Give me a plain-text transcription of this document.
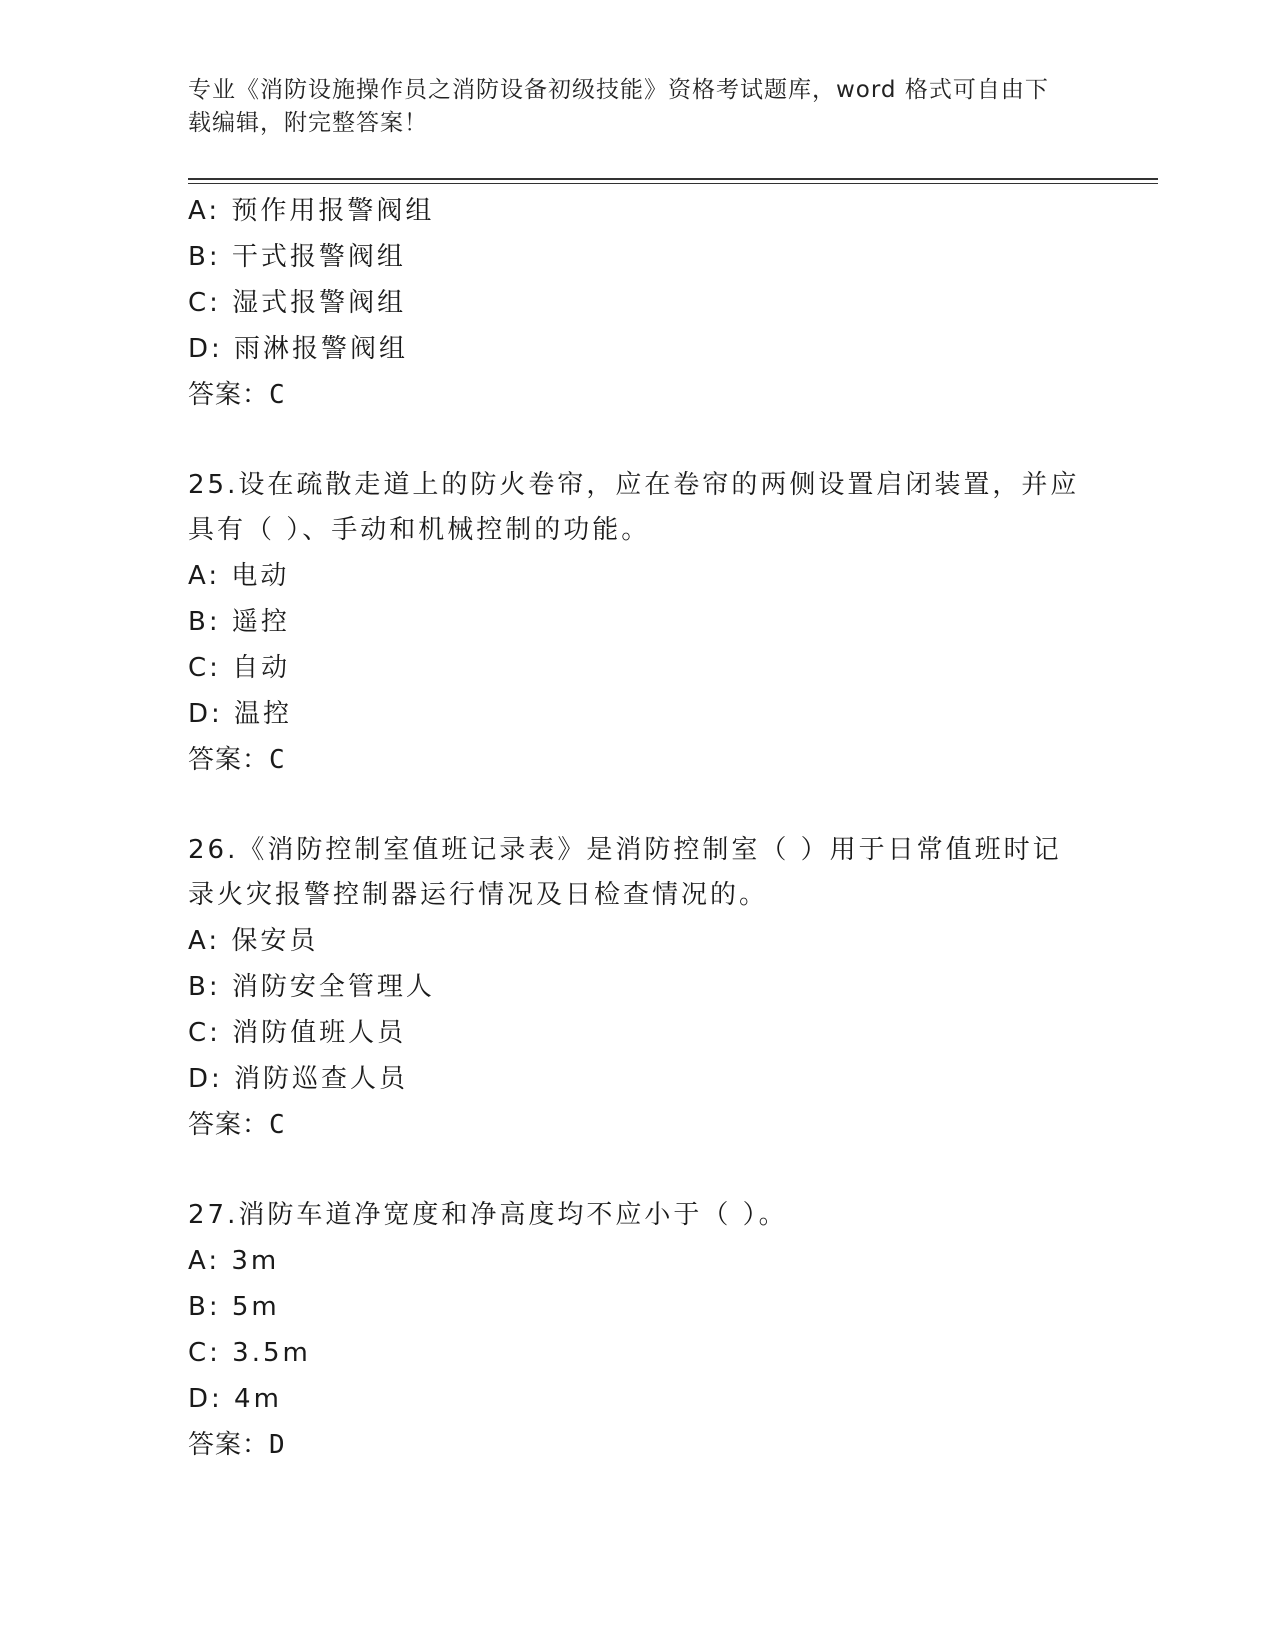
专业《消防设施操作员之消防设备初级技能》资格考试题库，word 格式可自由下
载编辑，附完整答案！
A: 预作用报警阀组
B: 干式报警阀组
C: 湿式报警阀组
D: 雨淋报警阀组
答案：C
25.设在疏散走道上的防火卷帘，应在卷帘的两侧设置启闭装置，并应
具有（ ）、手动和机械控制的功能。
A: 电动
B: 遥控
C: 自动
D: 温控
答案：C
26.《消防控制室值班记录表》是消防控制室（ ）用于日常值班时记
录火灾报警控制器运行情况及日检查情况的。
A: 保安员
B: 消防安全管理人
C: 消防值班人员
D: 消防巡查人员
答案：C
27.消防车道净宽度和净高度均不应小于（ ）。
A: 3m
B: 5m
C: 3.5m
D: 4m
答案：D
